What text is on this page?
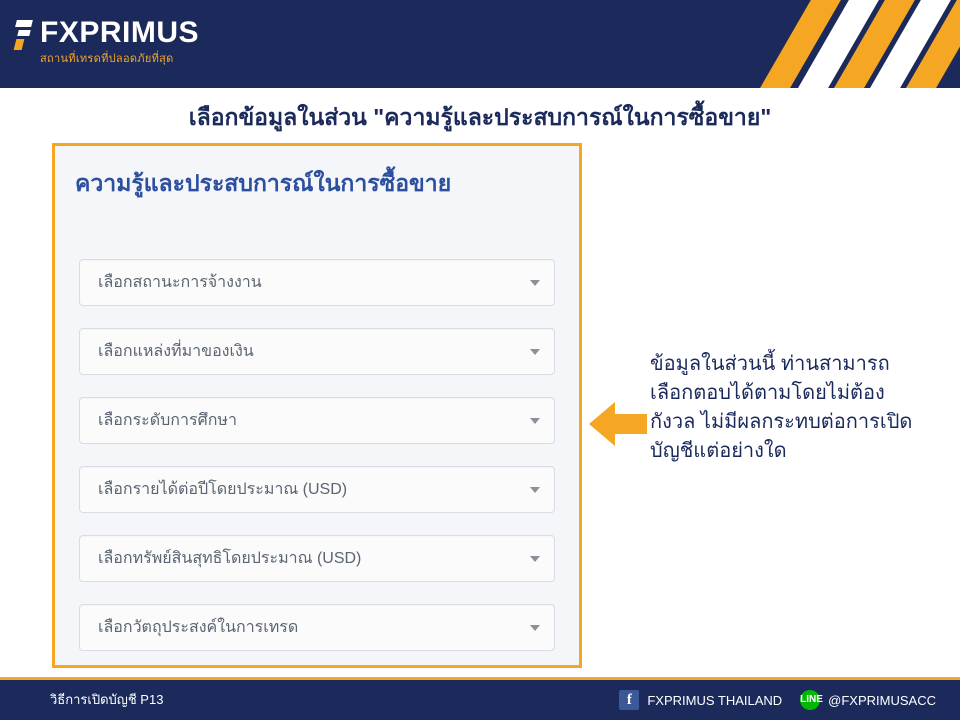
FXPRIMUS
สถานที่เทรดที่ปลอดภัยที่สุด
เลือกข้อมูลในส่วน "ความรู้และประสบการณ์ในการซื้อขาย"
ความรู้และประสบการณ์ในการซื้อขาย
เลือกสถานะการจ้างงาน
เลือกแหล่งที่มาของเงิน
เลือกระดับการศึกษา
เลือกรายได้ต่อปีโดยประมาณ (USD)
เลือกทรัพย์สินสุทธิโดยประมาณ (USD)
เลือกวัตถุประสงค์ในการเทรด
ข้อมูลในส่วนนี้ ท่านสามารถเลือกตอบได้ตามโดยไม่ต้องกังวล ไม่มีผลกระทบต่อการเปิดบัญชีแต่อย่างใด
วิธีการเปิดบัญชี P13	f	FXPRIMUS THAILAND LINE @FXPRIMUSACC
